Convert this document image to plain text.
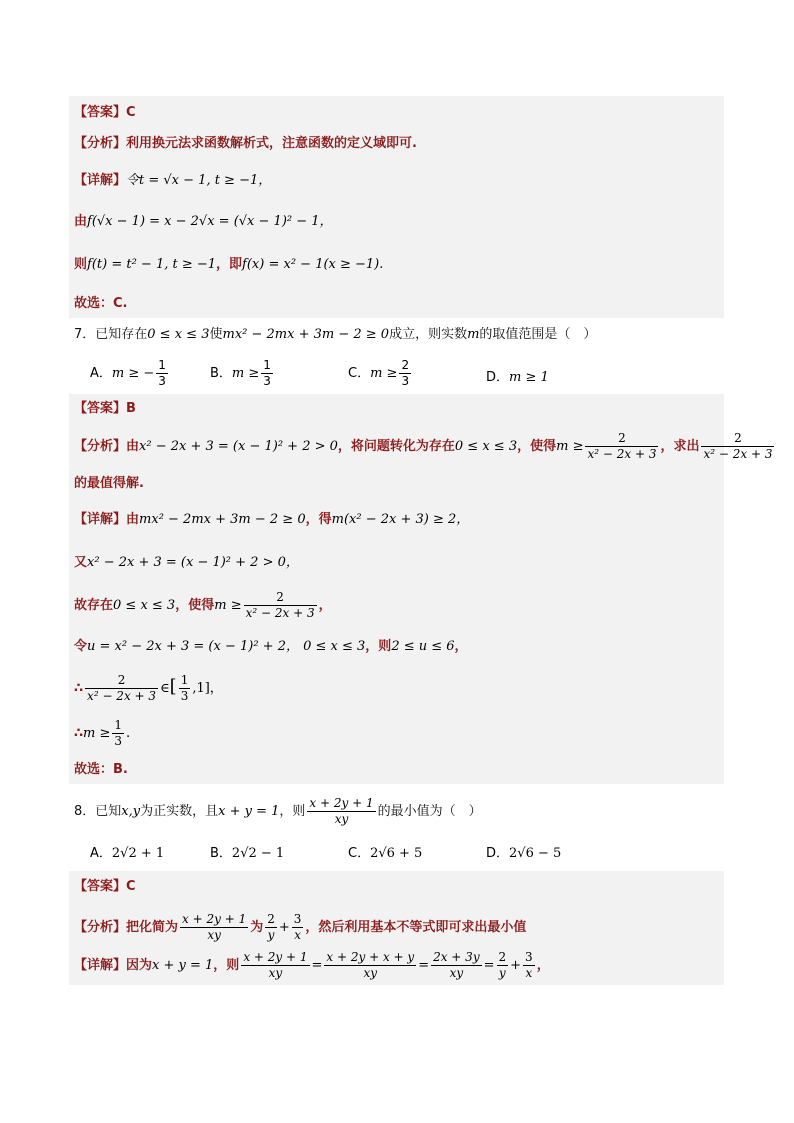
【答案】C
【分析】利用换元法求函数解析式，注意函数的定义域即可.
【详解】令t = √x − 1, t ≥ −1，
由f(√x − 1) = x − 2√x = (√x − 1)² − 1，
则f(t) = t² − 1, t ≥ −1，即f(x) = x² − 1(x ≥ −1).
故选：C.
7．已知存在0 ≤ x ≤ 3使mx² − 2mx + 3m − 2 ≥ 0成立，则实数m的取值范围是（　）
A．m ≥ − $\frac{1}{3}$	B．$m \ge \frac{1}{3}$	C．$m \ge \frac{2}{3}$	D．m ≥ 1
【答案】B
【分析】由x² − 2x + 3 = (x − 1)² + 2 > 0，将问题转化为存在0 ≤ x ≤ 3，使得$m \ge \frac{2}{\text{x² − 2x + 3}}$ ，求出 $\frac{2}{\text{x² − 2x + 3}}$
的最值得解.
【详解】由mx² − 2mx + 3m − 2 ≥ 0，得m(x² − 2x + 3) ≥ 2，
又x² − 2x + 3 = (x − 1)² + 2 > 0，
故存在0 ≤ x ≤ 3，使得$m \ge \frac{2}{\text{x² − 2x + 3}}$ ，
令u = x² − 2x + 3 = (x − 1)² + 2， 0 ≤ x ≤ 3，则2 ≤ u ≤ 6，
∴ $\frac{2}{\text{x² − 2x + 3}}$ ∈[ $\frac{1}{3} ,1$]，
∴m ≥ $\frac{1}{3}$ .
故选：B.
8．已知x,y为正实数，且x + y = 1，则 $\frac{x + 2y + 1}{xy}$ 的最小值为（　）
A．2√2 + 1	B．2√2 − 1	C．2√6 + 5	D．2√6 − 5
【答案】C
【分析】把化简为 $\frac{x + 2y + 1}{xy}$ 为 $\frac{2}{y} + \frac{3}{x}$ ，然后利用基本不等式即可求出最小值
【详解】因为x + y = 1，则 $\frac{x + 2y + 1}{xy} = \frac{x + 2y + x + y}{xy} = \frac{2x + 3y}{xy} = \frac{2}{y} + \frac{3}{x}$ ，
